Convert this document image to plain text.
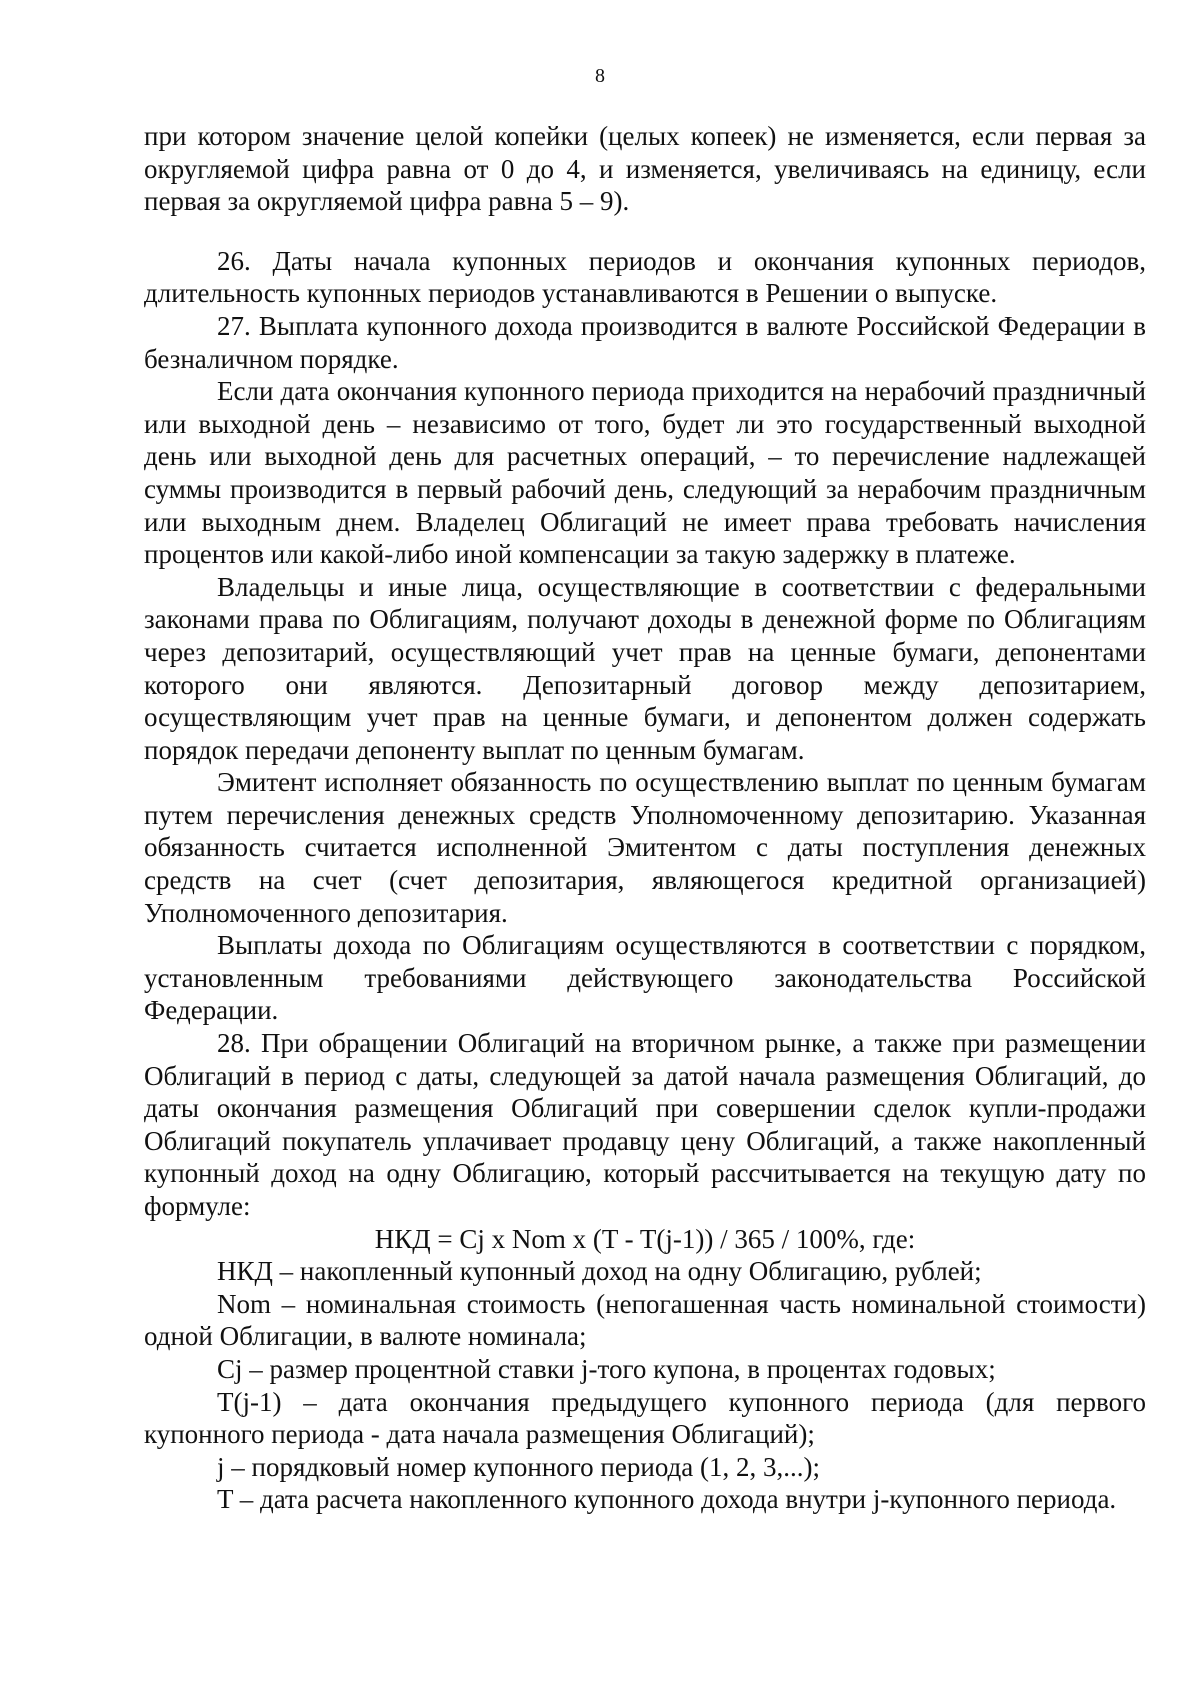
8

при котором значение целой копейки (целых копеек) не изменяется, если первая за округляемой цифра равна от 0 до 4, и изменяется, увеличиваясь на единицу, если первая за округляемой цифра равна 5 – 9).

26. Даты начала купонных периодов и окончания купонных периодов, длительность купонных периодов устанавливаются в Решении о выпуске.

27. Выплата купонного дохода производится в валюте Российской Федерации в безналичном порядке.

Если дата окончания купонного периода приходится на нерабочий праздничный или выходной день – независимо от того, будет ли это государственный выходной день или выходной день для расчетных операций, – то перечисление надлежащей суммы производится в первый рабочий день, следующий за нерабочим праздничным или выходным днем. Владелец Облигаций не имеет права требовать начисления процентов или какой-либо иной компенсации за такую задержку в платеже.

Владельцы и иные лица, осуществляющие в соответствии с федеральными законами права по Облигациям, получают доходы в денежной форме по Облигациям через депозитарий, осуществляющий учет прав на ценные бумаги, депонентами которого они являются. Депозитарный договор между депозитарием, осуществляющим учет прав на ценные бумаги, и депонентом должен содержать порядок передачи депоненту выплат по ценным бумагам.

Эмитент исполняет обязанность по осуществлению выплат по ценным бумагам путем перечисления денежных средств Уполномоченному депозитарию. Указанная обязанность считается исполненной Эмитентом с даты поступления денежных средств на счет (счет депозитария, являющегося кредитной организацией) Уполномоченного депозитария.

Выплаты дохода по Облигациям осуществляются в соответствии с порядком, установленным требованиями действующего законодательства Российской Федерации.

28. При обращении Облигаций на вторичном рынке, а также при размещении Облигаций в период с даты, следующей за датой начала размещения Облигаций, до даты окончания размещения Облигаций при совершении сделок купли-продажи Облигаций покупатель уплачивает продавцу цену Облигаций, а также накопленный купонный доход на одну Облигацию, который рассчитывается на текущую дату по формуле:

НКД = Cj x Nom x (T - T(j-1)) / 365 / 100%, где:

НКД – накопленный купонный доход на одну Облигацию, рублей;

Nom – номинальная стоимость (непогашенная часть номинальной стоимости) одной Облигации, в валюте номинала;

Cj – размер процентной ставки j-того купона, в процентах годовых;

T(j-1) – дата окончания предыдущего купонного периода (для первого купонного периода - дата начала размещения Облигаций);

j – порядковый номер купонного периода (1, 2, 3,...);

T – дата расчета накопленного купонного дохода внутри j-купонного периода.
